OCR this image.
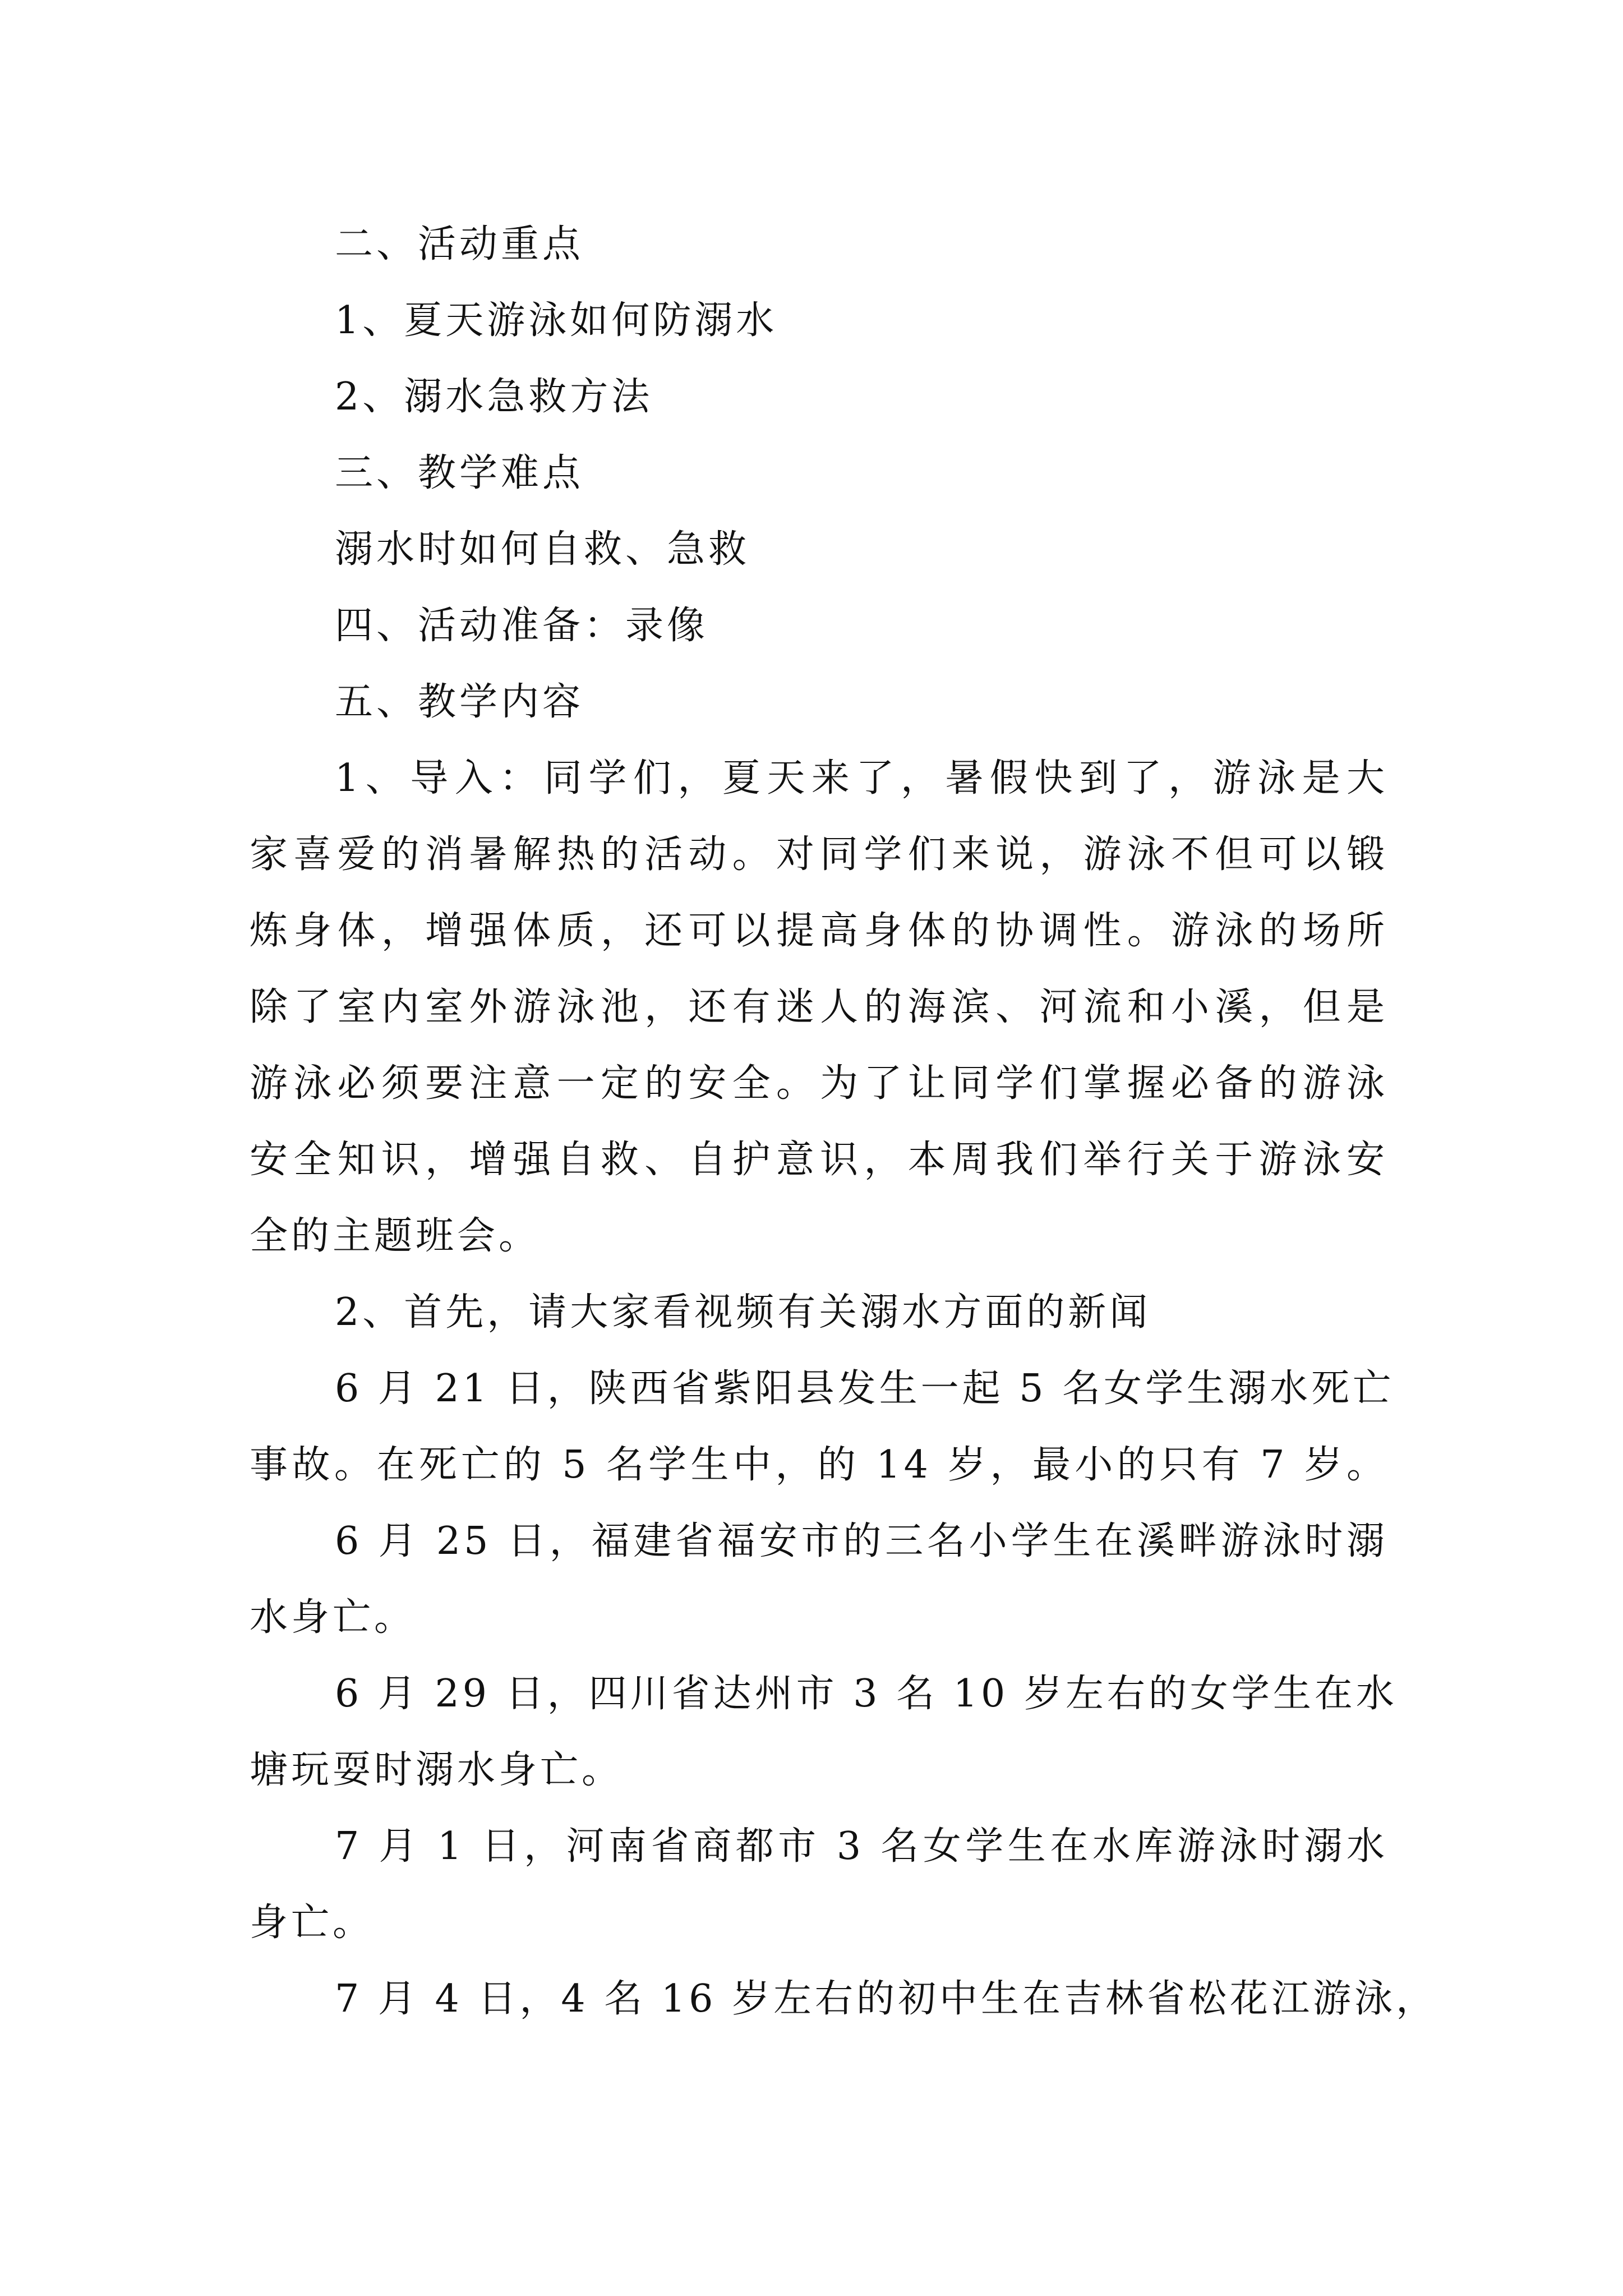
二、活动重点
1、夏天游泳如何防溺水
2、溺水急救方法
三、教学难点
溺水时如何自救、急救
四、活动准备：录像
五、教学内容
1、导入：同学们，夏天来了，暑假快到了，游泳是大
家喜爱的消暑解热的活动。对同学们来说，游泳不但可以锻
炼身体，增强体质，还可以提高身体的协调性。游泳的场所
除了室内室外游泳池，还有迷人的海滨、河流和小溪，但是
游泳必须要注意一定的安全。为了让同学们掌握必备的游泳
安全知识，增强自救、自护意识，本周我们举行关于游泳安
全的主题班会。
2、首先，请大家看视频有关溺水方面的新闻
6 月 21 日，陕西省紫阳县发生一起 5 名女学生溺水死亡
事故。在死亡的 5 名学生中，的 14 岁，最小的只有 7 岁。
6 月 25 日，福建省福安市的三名小学生在溪畔游泳时溺
水身亡。
6 月 29 日，四川省达州市 3 名 10 岁左右的女学生在水
塘玩耍时溺水身亡。
7 月 1 日，河南省商都市 3 名女学生在水库游泳时溺水
身亡。
7 月 4 日，4 名 16 岁左右的初中生在吉林省松花江游泳，
